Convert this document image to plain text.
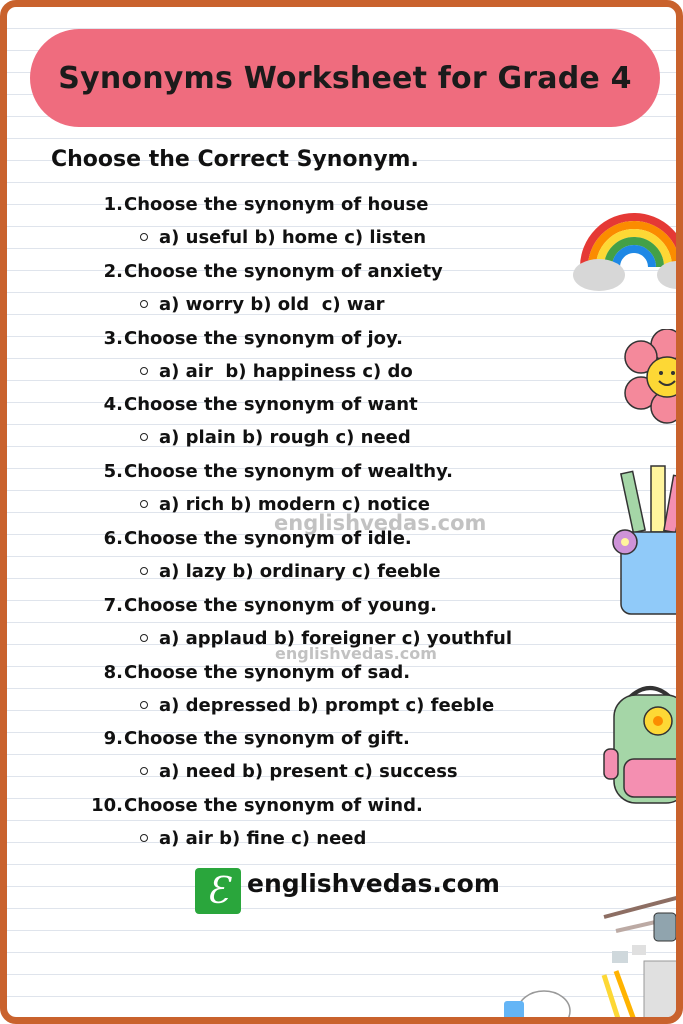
Synonyms Worksheet for Grade 4
Choose the Correct Synonym.
1. Choose the synonym of house
a) useful b) home c) listen
2. Choose the synonym of anxiety
a) worry b) old  c) war
3. Choose the synonym of joy.
a) air  b) happiness c) do
4. Choose the synonym of want
a) plain b) rough c) need
5. Choose the synonym of wealthy.
a) rich b) modern c) notice
6. Choose the synonym of idle.
a) lazy b) ordinary c) feeble
7. Choose the synonym of young.
a) applaud b) foreigner c) youthful
8. Choose the synonym of sad.
a) depressed b) prompt c) feeble
9. Choose the synonym of gift.
a) need b) present c) success
10. Choose the synonym of wind.
a) air b) fine c) need
englishvedas.com
englishvedas.com
Ɛ englishvedas.com
